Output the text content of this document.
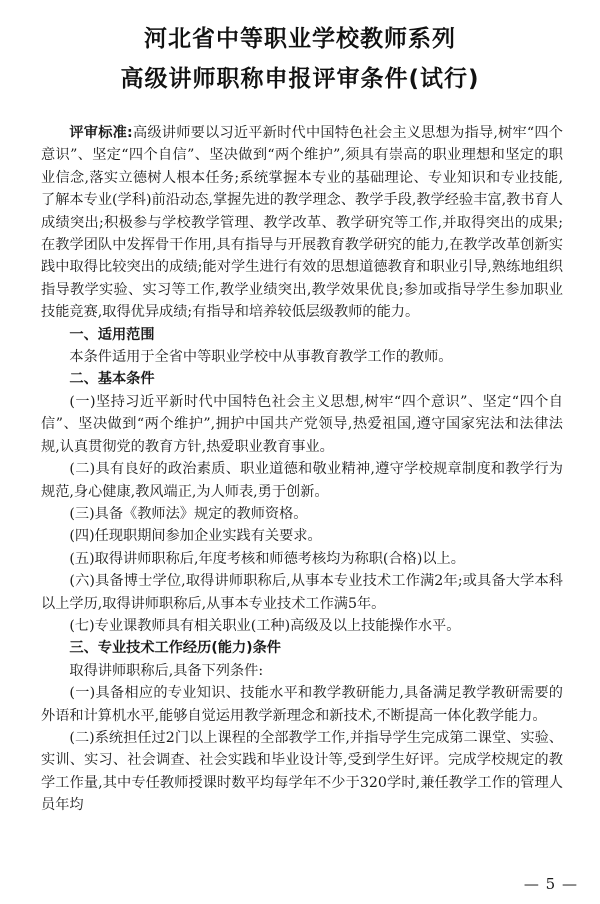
河北省中等职业学校教师系列
高级讲师职称申报评审条件(试行)

评审标准:高级讲师要以习近平新时代中国特色社会主义思想为指导,树牢“四个意识”、坚定“四个自信”、坚决做到“两个维护”,须具有崇高的职业理想和坚定的职业信念,落实立德树人根本任务;系统掌握本专业的基础理论、专业知识和专业技能,了解本专业(学科)前沿动态,掌握先进的教学理念、教学手段,教学经验丰富,教书育人成绩突出;积极参与学校教学管理、教学改革、教学研究等工作,并取得突出的成果;在教学团队中发挥骨干作用,具有指导与开展教育教学研究的能力,在教学改革创新实践中取得比较突出的成绩;能对学生进行有效的思想道德教育和职业引导,熟练地组织指导教学实验、实习等工作,教学业绩突出,教学效果优良;参加或指导学生参加职业技能竞赛,取得优异成绩;有指导和培养较低层级教师的能力。

一、适用范围

本条件适用于全省中等职业学校中从事教育教学工作的教师。

二、基本条件

(一)坚持习近平新时代中国特色社会主义思想,树牢“四个意识”、坚定“四个自信”、坚决做到“两个维护”,拥护中国共产党领导,热爱祖国,遵守国家宪法和法律法规,认真贯彻党的教育方针,热爱职业教育事业。

(二)具有良好的政治素质、职业道德和敬业精神,遵守学校规章制度和教学行为规范,身心健康,教风端正,为人师表,勇于创新。

(三)具备《教师法》规定的教师资格。

(四)任现职期间参加企业实践有关要求。

(五)取得讲师职称后,年度考核和师德考核均为称职(合格)以上。

(六)具备博士学位,取得讲师职称后,从事本专业技术工作满2年;或具备大学本科以上学历,取得讲师职称后,从事本专业技术工作满5年。

(七)专业课教师具有相关职业(工种)高级及以上技能操作水平。

三、专业技术工作经历(能力)条件

取得讲师职称后,具备下列条件:

(一)具备相应的专业知识、技能水平和教学教研能力,具备满足教学教研需要的外语和计算机水平,能够自觉运用教学新理念和新技术,不断提高一体化教学能力。

(二)系统担任过2门以上课程的全部教学工作,并指导学生完成第二课堂、实验、实训、实习、社会调查、社会实践和毕业设计等,受到学生好评。完成学校规定的教学工作量,其中专任教师授课时数平均每学年不少于320学时,兼任教学工作的管理人员年均

— 5 —
